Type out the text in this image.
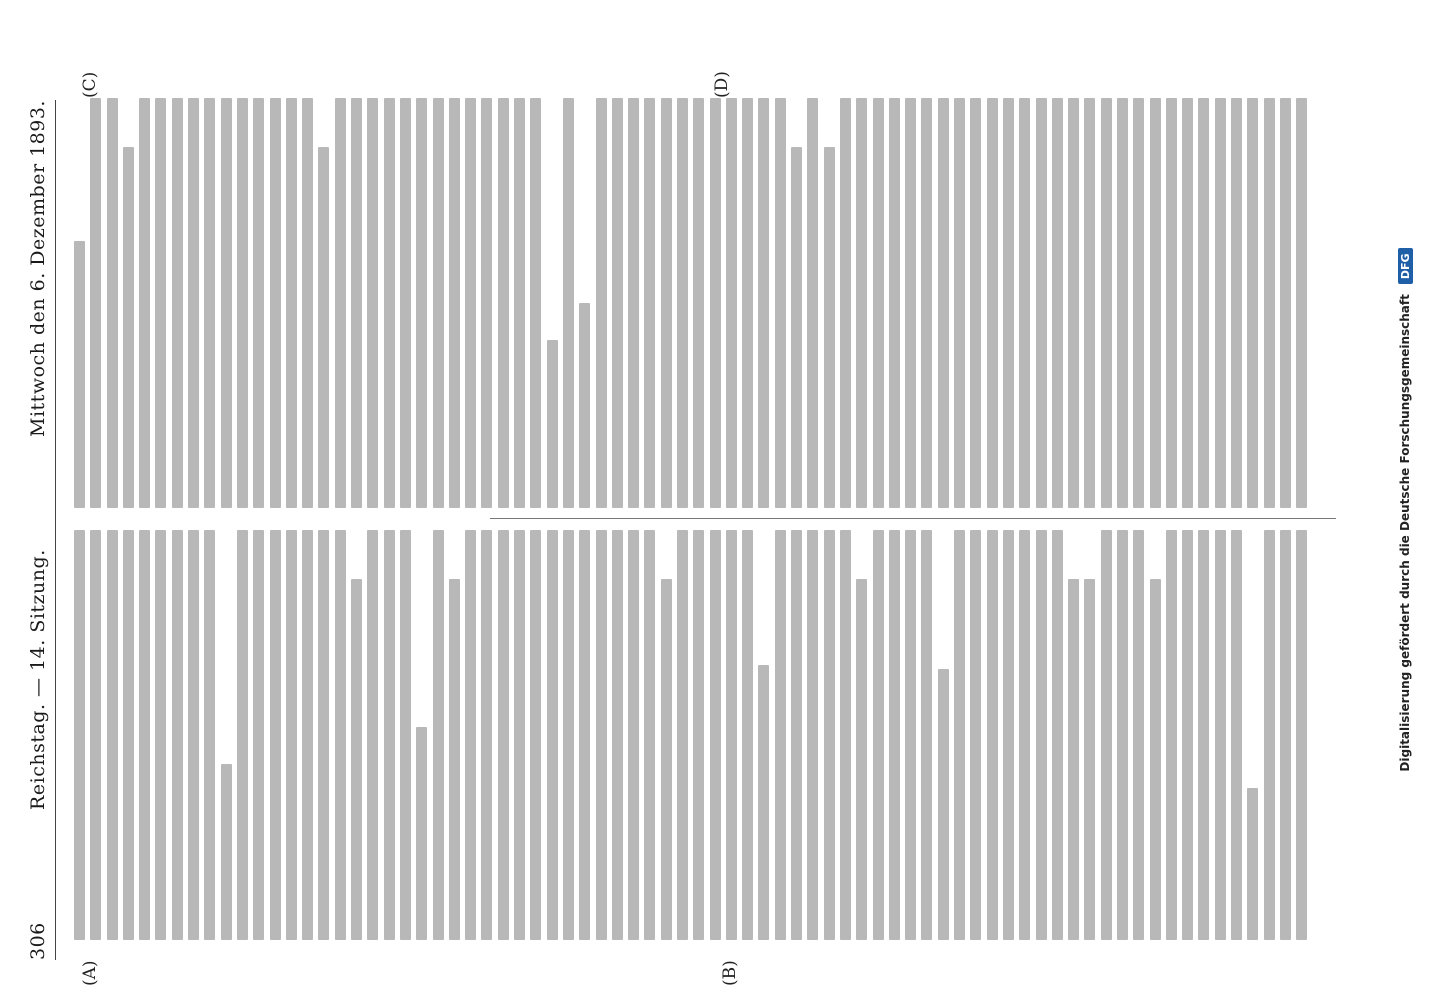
306
Reichstag. — 14. Sitzung.
Mittwoch den 6. Dezember 1893.
(A)	(B)
(C)	(D)
Digitalisierung gefördert durch die Deutsche Forschungsgemeinschaft
DFG
